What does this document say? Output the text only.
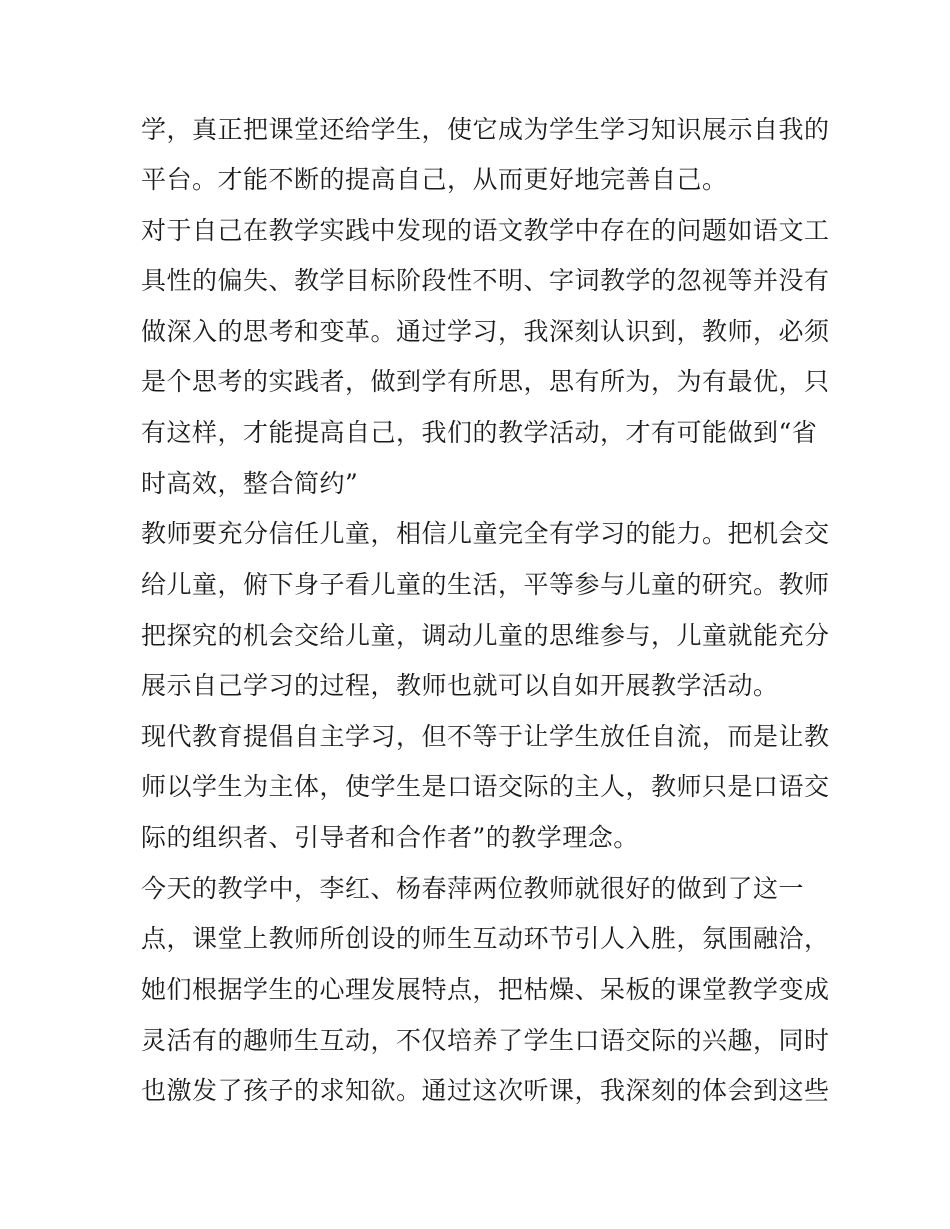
学，真正把课堂还给学生，使它成为学生学习知识展示自我的
平台。才能不断的提高自己，从而更好地完善自己。
对于自己在教学实践中发现的语文教学中存在的问题如语文工
具性的偏失、教学目标阶段性不明、字词教学的忽视等并没有
做深入的思考和变革。通过学习，我深刻认识到，教师，必须
是个思考的实践者，做到学有所思，思有所为，为有最优，只
有这样，才能提高自己，我们的教学活动，才有可能做到“省
时高效，整合简约”
教师要充分信任儿童，相信儿童完全有学习的能力。把机会交
给儿童，俯下身子看儿童的生活，平等参与儿童的研究。教师
把探究的机会交给儿童，调动儿童的思维参与，儿童就能充分
展示自己学习的过程，教师也就可以自如开展教学活动。
现代教育提倡自主学习，但不等于让学生放任自流，而是让教
师以学生为主体，使学生是口语交际的主人，教师只是口语交
际的组织者、引导者和合作者”的教学理念。
今天的教学中，李红、杨春萍两位教师就很好的做到了这一
点，课堂上教师所创设的师生互动环节引人入胜，氛围融洽，
她们根据学生的心理发展特点，把枯燥、呆板的课堂教学变成
灵活有的趣师生互动，不仅培养了学生口语交际的兴趣，同时
也激发了孩子的求知欲。通过这次听课，我深刻的体会到这些
